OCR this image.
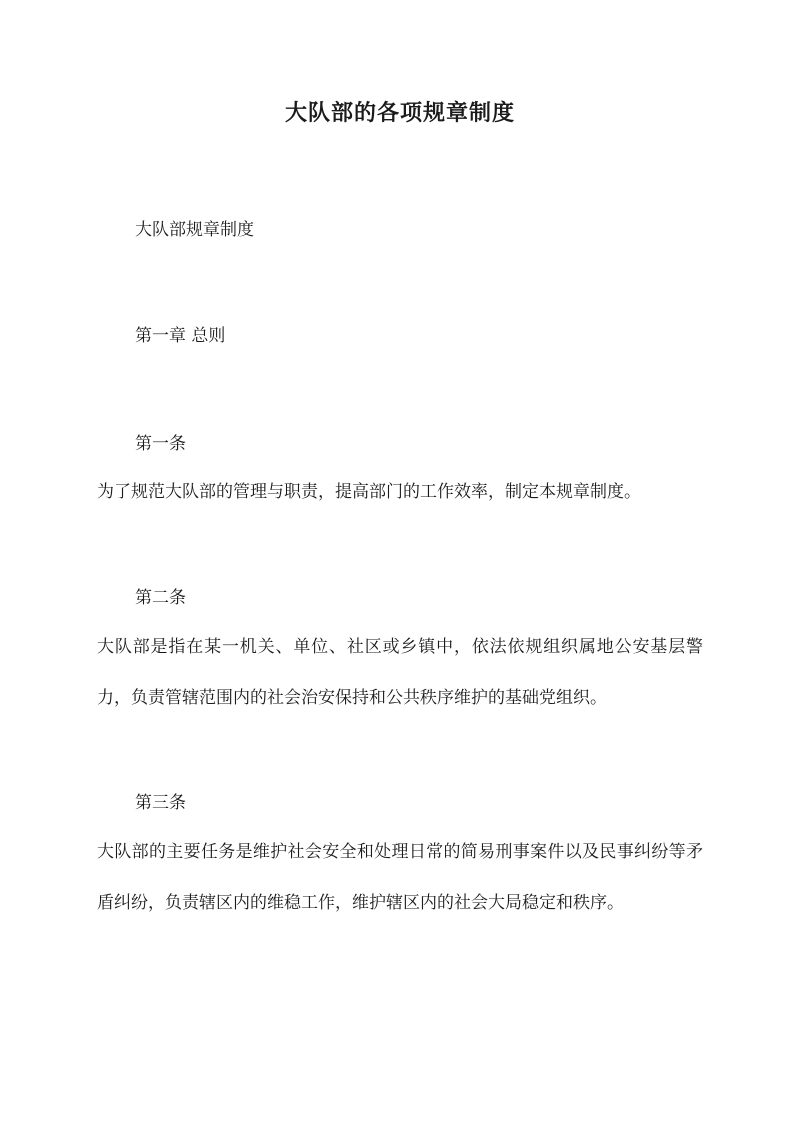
大队部的各项规章制度
大队部规章制度
第一章 总则
第一条
为了规范大队部的管理与职责，提高部门的工作效率，制定本规章制度。
第二条
大队部是指在某一机关、单位、社区或乡镇中，依法依规组织属地公安基层警力，负责管辖范围内的社会治安保持和公共秩序维护的基础党组织。
第三条
大队部的主要任务是维护社会安全和处理日常的简易刑事案件以及民事纠纷等矛盾纠纷，负责辖区内的维稳工作，维护辖区内的社会大局稳定和秩序。
